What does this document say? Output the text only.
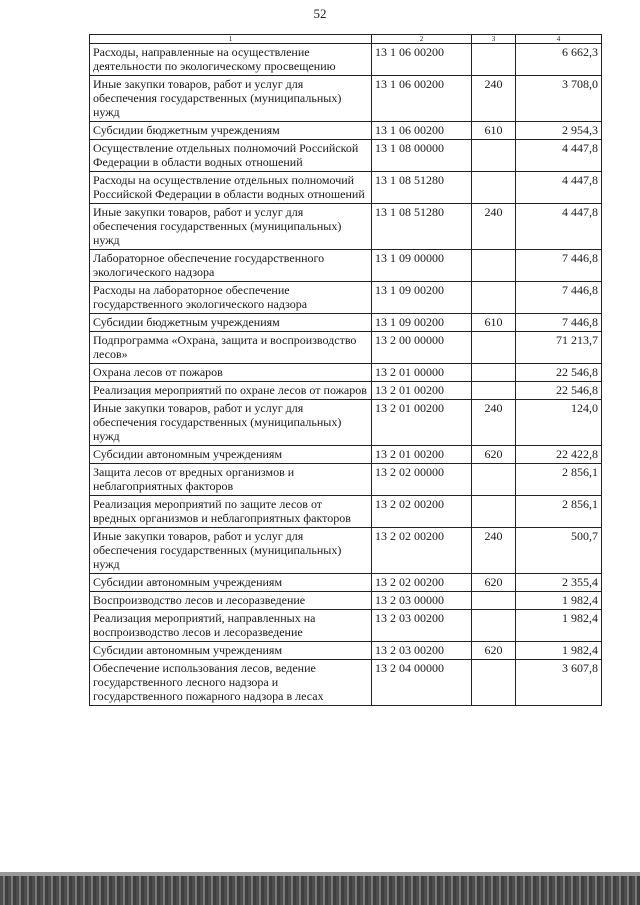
52
1	2	3	4
Расходы, направленные на осуществление деятельности по экологическому просвещению	13 1 06 00200		6 662,3
Иные закупки товаров, работ и услуг для обеспечения государственных (муниципальных) нужд	13 1 06 00200	240	3 708,0
Субсидии бюджетным учреждениям	13 1 06 00200	610	2 954,3
Осуществление отдельных полномочий Российской Федерации в области водных отношений	13 1 08 00000		4 447,8
Расходы на осуществление отдельных полномочий Российской Федерации в области водных отношений	13 1 08 51280		4 447,8
Иные закупки товаров, работ и услуг для обеспечения государственных (муниципальных) нужд	13 1 08 51280	240	4 447,8
Лабораторное обеспечение государственного экологического надзора	13 1 09 00000		7 446,8
Расходы на лабораторное обеспечение государственного экологического надзора	13 1 09 00200		7 446,8
Субсидии бюджетным учреждениям	13 1 09 00200	610	7 446,8
Подпрограмма «Охрана, защита и воспроизводство лесов»	13 2 00 00000		71 213,7
Охрана лесов от пожаров	13 2 01 00000		22 546,8
Реализация мероприятий по охране лесов от пожаров	13 2 01 00200		22 546,8
Иные закупки товаров, работ и услуг для обеспечения государственных (муниципальных) нужд	13 2 01 00200	240	124,0
Субсидии автономным учреждениям	13 2 01 00200	620	22 422,8
Защита лесов от вредных организмов и неблагоприятных факторов	13 2 02 00000		2 856,1
Реализация мероприятий по защите лесов от вредных организмов и неблагоприятных факторов	13 2 02 00200		2 856,1
Иные закупки товаров, работ и услуг для обеспечения государственных (муниципальных) нужд	13 2 02 00200	240	500,7
Субсидии автономным учреждениям	13 2 02 00200	620	2 355,4
Воспроизводство лесов и лесоразведение	13 2 03 00000		1 982,4
Реализация мероприятий, направленных на воспроизводство лесов и лесоразведение	13 2 03 00200		1 982,4
Субсидии автономным учреждениям	13 2 03 00200	620	1 982,4
Обеспечение использования лесов, ведение государственного лесного надзора и государственного пожарного надзора в лесах	13 2 04 00000		3 607,8
